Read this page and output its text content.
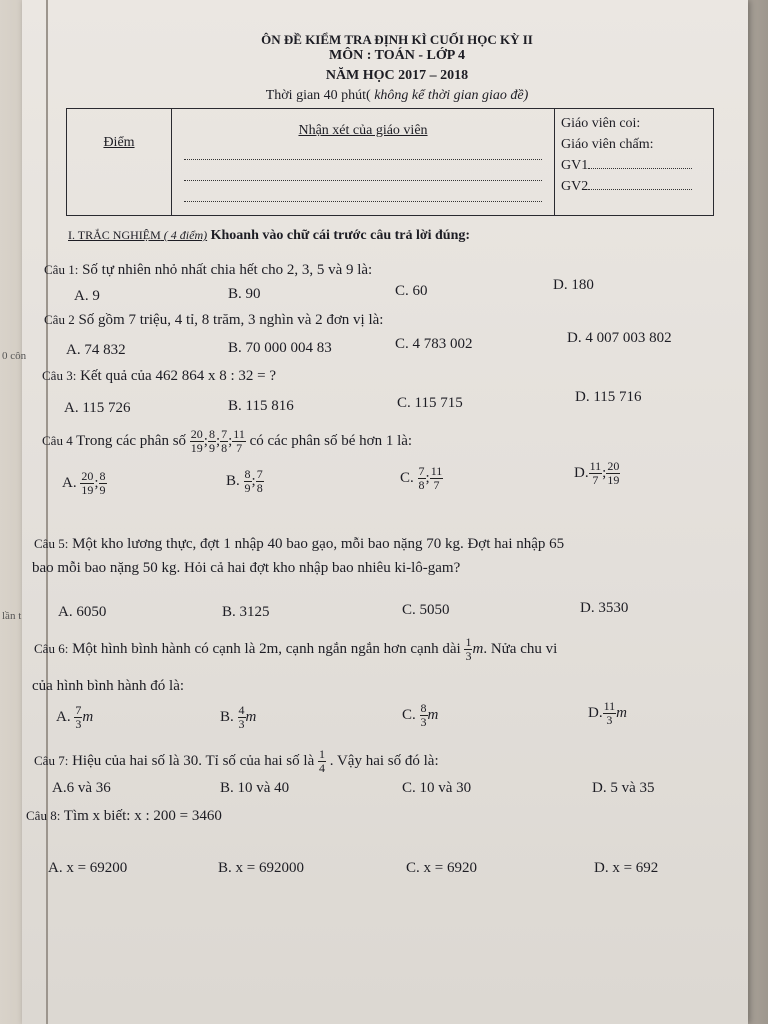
ÔN ĐỀ KIỂM TRA ĐỊNH KÌ CUỐI HỌC KỲ II
MÔN : TOÁN - LỚP 4
NĂM HỌC 2017 – 2018
Thời gian 40 phút( không kể thời gian giao đề)
Điểm	
Nhận xét của giáo viên	Giáo viên coi:
Giáo viên chấm:
GV1
GV2
I. TRẮC NGHIỆM ( 4 điểm) Khoanh vào chữ cái trước câu trả lời đúng:
Câu 1: Số tự nhiên nhỏ nhất chia hết cho 2, 3, 5 và 9 là:
A. 9	B. 90	C. 60	D. 180
Câu 2 Số gồm 7 triệu, 4 tỉ, 8 trăm, 3 nghìn và 2 đơn vị là:
A. 74 832	B. 70 000 004 83	C. 4 783 002	D. 4 007 003 802
Câu 3: Kết quả của 462 864 x 8 : 32 = ?
A. 115 726	B. 115 816	C. 115 715	D. 115 716
Câu 4 Trong các phân số $\frac{20}{19}$ ; $\frac{8}{9}$ ; $\frac{7}{8}$ ; $\frac{11}{7}$ có các phân số bé hơn 1 là:
A. $\frac{20}{19}$ ; $\frac{8}{9}$	B. $\frac{8}{9}$ ; $\frac{7}{8}$	C. $\frac{7}{8}$ ; $\frac{11}{7}$	D. $\frac{11}{7}$ ; $\frac{20}{19}$
Câu 5: Một kho lương thực, đợt 1 nhập 40 bao gạo, mỗi bao nặng 70 kg. Đợt hai nhập 65
bao mỗi bao nặng 50 kg. Hỏi cả hai đợt kho nhập bao nhiêu ki-lô-gam?
A. 6050	B. 3125	C. 5050	D. 3530
Câu 6: Một hình bình hành có cạnh là 2m, cạnh ngắn ngắn hơn cạnh dài $\frac{1}{3} m$. Nửa chu vi
của hình bình hành đó là:
A. $\frac{7}{3}$ m	B. $\frac{4}{3}$ m	C. $\frac{8}{3}$ m	D. $\frac{11}{3}$ m
Câu 7: Hiệu của hai số là 30. Tỉ số của hai số là $\frac{1}{4}$ . Vậy hai số đó là:
A.6 và 36	B. 10 và 40	C. 10 và 30	D. 5 và 35
Câu 8: Tìm x biết: x : 200 = 3460
A. x = 69200	B. x = 692000	C. x = 6920	D. x = 692
0 côn
lần t
